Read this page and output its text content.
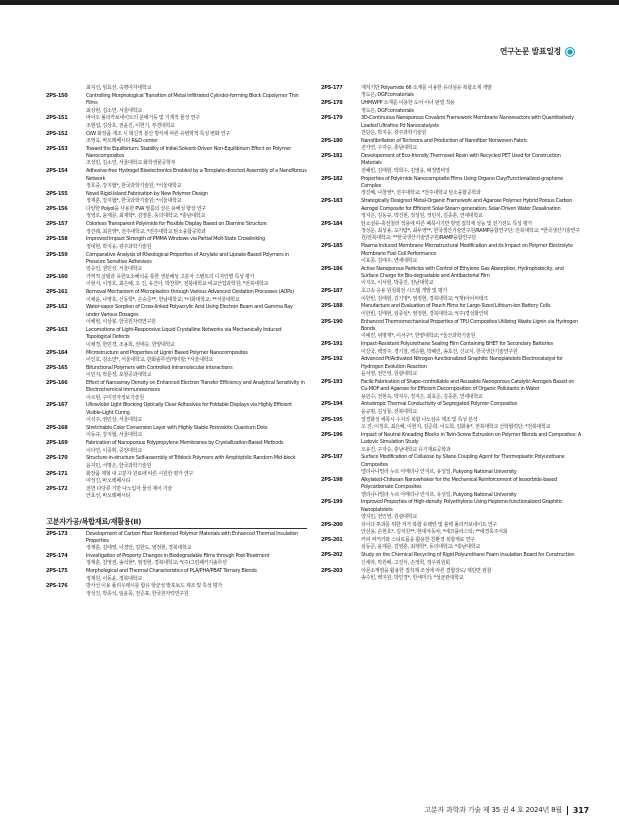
연구논문 발표일정
최지선, 임효선, 숙명여자대학교
2PS-150	Controlling Morphological Transition of Metal Infiltrated Cylinder-forming Block Copolymer Thin Films
최상현, 김소연, 서울대학교
2PS-151	바이오 폴리카보네이트의 분해거동 및 기계적 물성 연구
조현섭, 김상호, 권윤진, 이헌기, 부경대학교
2PS-152	O/W 화장품 제조 시 혁신적 분산 방식에 따른 유변학적 특성 변화 연구
조영옥, 바오레페시티 R&D center
2PS-153	Toward the Equilibrium: Stability of Initial Solvent-Driven Non-Equilibrium Effect on Polymer Nanocomposites
조성민, 김소연, 서울대학교 화학생물공학부
2PS-154	Adhesive-free Hydrogel Bioelectronics Enabled by a Template-directed Assembly of a Nanofibrous Network
정호중, 강지협*, 한국과학기술원; *서울대학교
2PS-155	Novel Rigid-Island Fabrication by New Polymer Design
정재훈, 강지협*, 한국과학기술원; *서울대학교
2PS-156	다양한 Polyol을 사용한 PVA 필름의 상온 용해성 향상 연구
정영호, 윤제문, 최재학*, 김영훈, 동의대학교; *충남대학교
2PS-157	Colorless Transparent Polyimide for Flexible Display Based on Diamine Structure
정진웨, 최원영*, 전주대학교; *전주대학교 탄소융합공학과
2PS-158	Improved Impact Strength of PMMA Windows via Partial Melt-State Crosslinking
정대현, 박지웅, 광주과학기술원
2PS-159	Comparative Analysis of Rheological Properties of Acrylate and Lipoate-Based Polymers in Pressure Sensitive Adhesives
임승인, 권민상, 서울대학교
2PS-160	가역적 살펌과 유한요소해석을 통한 생분해성 고분자 스텐트의 디자인별 특성 평가
이현지, 이정호, 최은혜, 오 진, 유건아, 박찬희*, 전북대학교 비교산업과학원; *전북대학교
2PS-161	Removal Mechanism of Microplastics through Various Advanced Oxidation Processes (AOPs)
이채윤, 나영호, 신동학*, 손승준**, 한남대학교; *이화대학교; **서울대학교
2PS-162	Water-vapor Sorption of Cross-linked Polyacrylic Acid Using Electron Beam and Gamma Ray under Various Dosages
이해현, 이상봉, 한국원자력연구원
2PS-163	Locomotions of Light-Responsive Liquid Crystalline Networks via Mechanically Induced Topological Defects
이채경, 한민경, 조용희, 권태승, 한양대학교
2PS-164	Microstructure and Properties of Lignin Based Polymer Nanocomposites
이인호, 김소연*, 서울대학교, 한화솔루션/케미칼; *서울대학교
2PS-165	Bifunctional Polymers with Controlled Intramolecular Interactions
이민지, 박문정, 포항공과대학교
2PS-166	Effect of Nanoarray Density on Enhanced Electron Transfer Efficiency and Analytical Sensitivity in Electrochemical Immunosensors
이소현, 구미전자정보기술원
2PS-167	Ultraviolet Light Blocking Optically Clear Adhesives for Foldable Displays via Highly Efficient Visible-Light Curing
이석주, 권민상, 서울대학교
2PS-168	Stretchable Color Conversion Layer with Highly Stable Perovskite Quantum Dots
이동규, 강지협, 서울대학교
2PS-169	Fabrication of Nanoporous Polypropylene Membranes by Crystallization-Based Methods
이다연, 이종휘, 중앙대학교
2PS-170	Structure-in-structure Self-assembly of Triblock Polymers with Amphiphilic Random Mid-block
윤지민, 서명은, 한국과학기술원
2PS-171	화장품 제형 내 고분자 원료에 따른 시원한 평가 연구
여성진, 바오레페시티
2PS-172	전면 다당류 기반 나노입자 물성 제어 기술
안효선, 바오레페시티
고분자가공/복합재료/재활용(II)
2PS-173	Development of Carbon Fiber Reinforced Polymer Materials with Enhanced Thermal Insulation Properties
정재훈, 김태영, 이경언, 김한도, 염정현, 경북대학교
2PS-174	Investigation of Property Changes in Biodegradable Films through Post-Treatment
정재훈, 김영권, 송석현*, 염정현, 경북대학교; *(주)그린패키지솔루션
2PS-175	Morphological and Thermal Characteristics of PLA/PHA/PBAT Ternary Blends
정재원, 이동윤, 경북대학교
2PS-176	방사선 이용 폴리우레시를 함유 항균성 발포보드 제조 및 특성 평가
정성진, 박종석, 임윤묵, 전준표, 한국원자력연구원
2PS-177	재처기반 Polyamide 66 소재를 이용한 유리섬유 복합소재 개발
정도은, DGFcomaterials
2PS-178	UHMWPP 소재를 이용한 도어 이너 판넬 적용
정도은, DGFcomaterials
2PS-179	3D-Continuous Nanoporous Covalent Framework Membrane Nanoreactors with Quantitatively Loaded Ultrafine Pd Nanocatalysts
전단은, 박지웅, 광주과학기술원
2PS-180	Nanofibrillation of Technora and Production of Nanofiber Nonwoven Fabric
전가연, 구자승, 충남대학교
2PS-181	Developement of Eco-friendly Thermoset Resin with Recycled PET Used for Construction Materials
전혜빈, 김태현, 박희수, 김영웅, 배정벌비앙
2PS-182	Properties of Polyimide Nanocomposite Films Using Organo Clay/Functionalized-graphene Complex
정진혜, 나창영*, 전주대학교; *전주대학교 탄소융합공학과
2PS-183	Strategically Designed Metal-Organic Framework and Agarose Polymer Hybrid Porous Carbon Aerogel Composite for Efficient Solar-Steam generation: Solar-Driven Water Desalination
정지은, 김동규, 박진현, 정성원, 정민식, 김종훈, 연세대학교
2PS-184	탄소섬유-축전철러 적용에 따른 폐목시기반 방열 접착제 성능 및 전기전도 특성 평가
정성운, 최성용, 도가람*, 최두영**, 한국생산기술연구원/RAMP융합연구단; 전북대학교; *한국생산기술연구원/전북대학교; **한국생산기술연구원/RAMP융합연구단
2PS-185	Plasma Induced Membrane Microstructural Modification and its Impact on Polymer Electrolyte Membrane Fuel Cell Performance
이효종, 김태우, 연세대학교
2PS-186	Active Nanoporous Particles with Control of Ethylene Gas Absorption, Hydrophobicity, and Surface Charge for Bio-degradable and Antibacterial Film
이지오, 이서현, 박종진, 전남대학교
2PS-187	초고속 응용 원심회전 시스템 개발 및 평가
이한빈, 김태현, 김기영*, 염정현, 경북대학교; *(재)아이씨테크
2PS-188	Manufacture and Evaluation of Pouch Films for Large-Sized Lithium-Ion Battery Cells
이한빈, 김태현, 임종심*, 염정현, 경북대학교; *(주)경성화인텍
2PS-190	Enhanced Thermomechanical Properties of TPU Composites Utilizing Waste Lignin via Hydrogen Bonds
이예린, 위명재*, 이서구*, 한양대학교; *울산과학기술원
2PS-191	Impact-Resistant Polyurethane Sealing Film Containing BHET for Secondary Batteries
이강국, 백장주, 경기철, 백승환, 박혜린, 송호진, 신교식, 한국생산기술연구원
2PS-192	Advanced Pt/Activated Nitrogen-functionalized Graphitic Nanoplatelets Electrocatalyst for Hydrogen Evolution Reaction
윤서영, 전인영, 원광대학교
2PS-193	Facile Fabrication of Shape-controllable and Reusable Nanoporous Catalytic Aerogels Based on Cu-MOF and Agarose for Efficient Decomposition of Organic Pollutants in Water
용민수, 전현욱, 박지우, 정지은, 최효준, 김종훈, 연세대학교
2PS-194	Anisotropic Thermal Conductivity of Segregated Polymer Composites
윤규범, 김성룡, 전북대학교
2PS-195	열경화성 에폭시 수지의 복합 나노섬유 제조 및 특성 분석
오 진, 이정호, 최은혜, 이현지, 김준희, 이도희, 김화용*, 전북대학교 산학협력단; *전북대학교
2PS-196	Impact of Neutral Kneading Blocks in Twin-Screw Extrusion on Polymer Blends and Composites: A Ludovic Simulation Study
오유진, 구자승, 충남대학교 유기재료공학과
2PS-197	Surface Modification of Cellulose by Silane Coupling Agent for Thermoplastic Polyurethane Composites
엘리나나빌라 누르 아메리나 안지르, 유성일, Pukyong National University
2PS-198	Alkylated-Chitosan Nanowhisker for the Mechanical Reinforcement of Isosorbide-based Polycarbonate Composites
엘리나나빌라 누르 아메리나 안지르, 유성일, Pukyong National University
2PS-199	Improved Properties of High-density Polyethylene Using Heptene-functionalized Graphitic Nanoplatelets
양지민, 전인영, 원광대학교
2PS-200	리이다 투과를 위한 저가 복합 유레탄 및 블렉 폴리카보네이트 연구
안선용, 손현호*, 김치원**, 현대자동차; *에코플라스틱; **에경록주식회
2PS-201	커피 찌꺼기와 스티로폼을 활용한 친환경 복합재료 연구
심동준, 윤제문, 김영훈, 최재학*, 동의대학교; *충남대학교
2PS-202	Study on the Chemical Recycling of Rigid Polyurethane Foam Insulation Board for Construction
신세라, 박원배, 고진식, 손정학, 정우위원회
2PS-203	아몬소재염을 활용한 접착제 조성에 따른 결합강도/ 제단면 관찰
송수빈, 백지원, 박민경*, 한세미의; *성균관대학교
고분자 과학과 기술 제 35 권 4 호 2024년 8월 317
